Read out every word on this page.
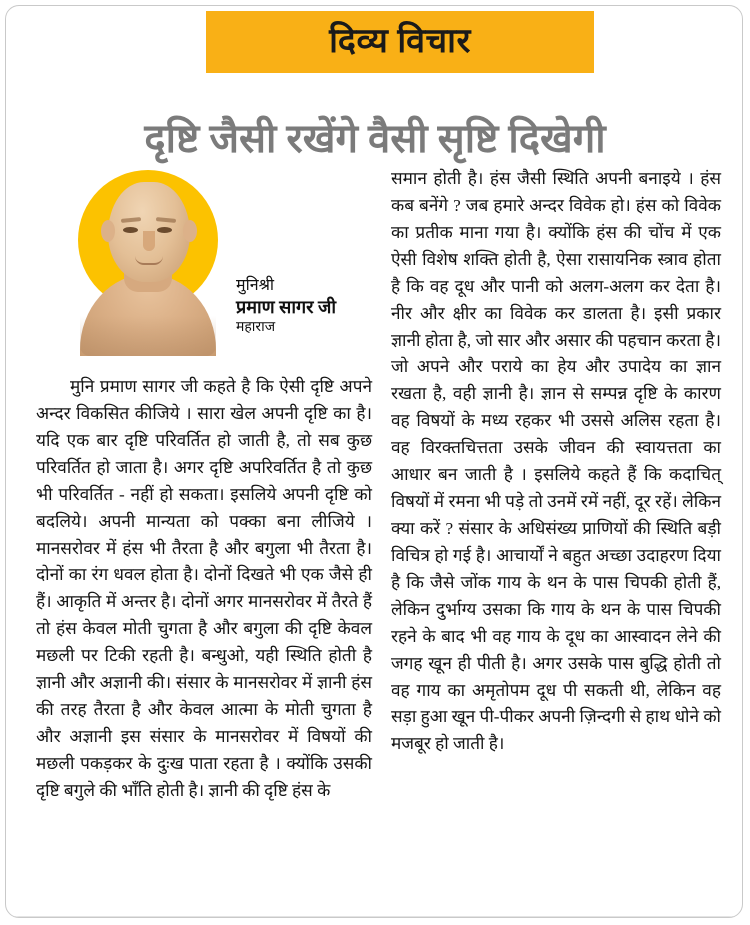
दिव्य विचार
दृष्टि जैसी रखेंगे वैसी सृष्टि दिखेगी
मुनिश्री
प्रमाण सागर जी
महाराज

मुनि प्रमाण सागर जी कहते है कि ऐसी दृष्टि अपने अन्दर विकसित कीजिये । सारा खेल अपनी दृष्टि का है। यदि एक बार दृष्टि परिवर्तित हो जाती है, तो सब कुछ परिवर्तित हो जाता है। अगर दृष्टि अपरिवर्तित है तो कुछ भी परिवर्तित - नहीं हो सकता। इसलिये अपनी दृष्टि को बदलिये। अपनी मान्यता को पक्का बना लीजिये । मानसरोवर में हंस भी तैरता है और बगुला भी तैरता है। दोनों का रंग धवल होता है। दोनों दिखते भी एक जैसे ही हैं। आकृति में अन्तर है। दोनों अगर मानसरोवर में तैरते हैं तो हंस केवल मोती चुगता है और बगुला की दृष्टि केवल मछली पर टिकी रहती है। बन्धुओ, यही स्थिति होती है ज्ञानी और अज्ञानी की। संसार के मानसरोवर में ज्ञानी हंस की तरह तैरता है और केवल आत्मा के मोती चुगता है और अज्ञानी इस संसार के मानसरोवर में विषयों की मछली पकड़कर के दुःख पाता रहता है । क्योंकि उसकी दृष्टि बगुले की भाँति होती है। ज्ञानी की दृष्टि हंस के

समान होती है। हंस जैसी स्थिति अपनी बनाइये । हंस कब बनेंगे ? जब हमारे अन्दर विवेक हो। हंस को विवेक का प्रतीक माना गया है। क्योंकि हंस की चोंच में एक ऐसी विशेष शक्ति होती है, ऐसा रासायनिक स्त्राव होता है कि वह दूध और पानी को अलग-अलग कर देता है। नीर और क्षीर का विवेक कर डालता है। इसी प्रकार ज्ञानी होता है, जो सार और असार की पहचान करता है। जो अपने और पराये का हेय और उपादेय का ज्ञान रखता है, वही ज्ञानी है। ज्ञान से सम्पन्न दृष्टि के कारण वह विषयों के मध्य रहकर भी उससे अलिस रहता है। वह विरक्तचित्तता उसके जीवन की स्वायत्तता का आधार बन जाती है । इसलिये कहते हैं कि कदाचित् विषयों में रमना भी पड़े तो उनमें रमें नहीं, दूर रहें। लेकिन क्या करें ? संसार के अधिसंख्य प्राणियों की स्थिति बड़ी विचित्र हो गई है। आचार्यों ने बहुत अच्छा उदाहरण दिया है कि जैसे जोंक गाय के थन के पास चिपकी होती हैं, लेकिन दुर्भाग्य उसका कि गाय के थन के पास चिपकी रहने के बाद भी वह गाय के दूध का आस्वादन लेने की जगह खून ही पीती है। अगर उसके पास बुद्धि होती तो वह गाय का अमृतोपम दूध पी सकती थी, लेकिन वह सड़ा हुआ खून पी-पीकर अपनी ज़िन्दगी से हाथ धोने को मजबूर हो जाती है।
